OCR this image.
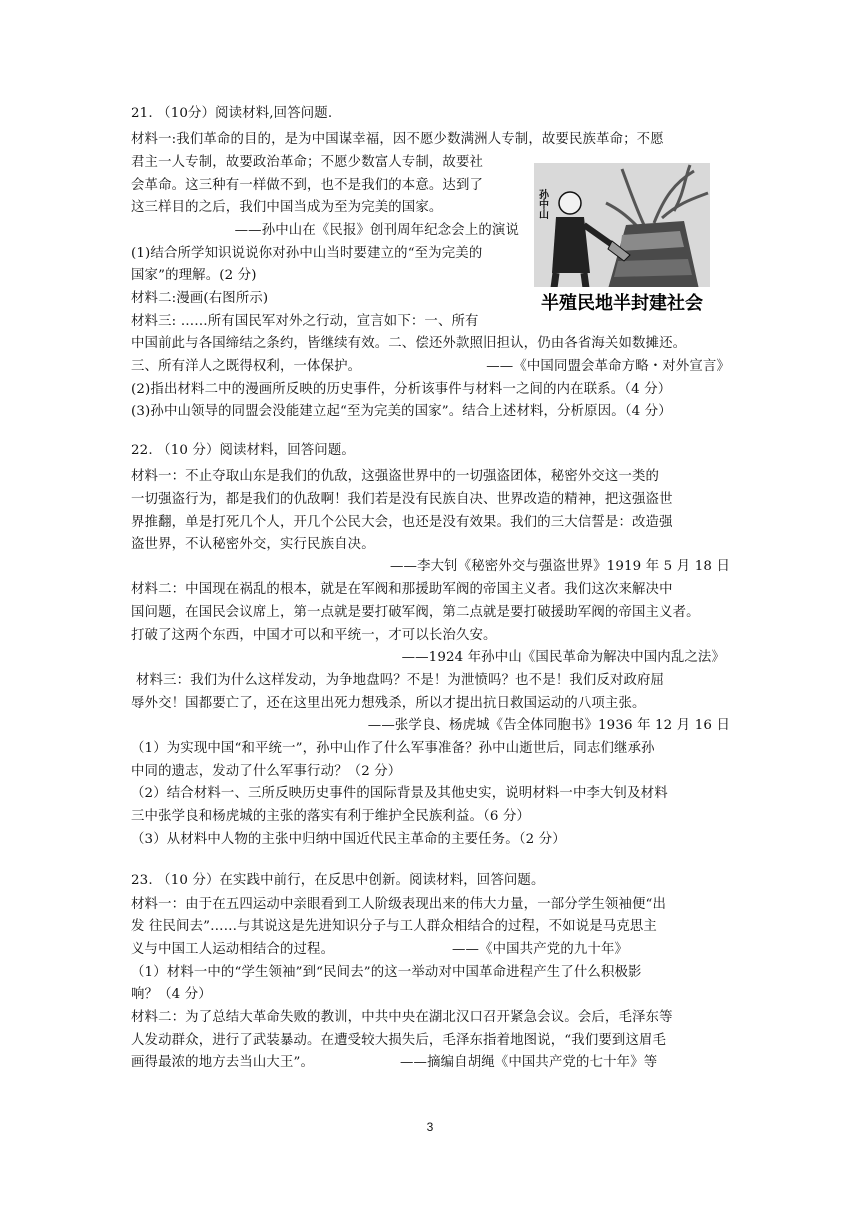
21. （10分）阅读材料,回答问题.
材料一:我们革命的目的，是为中国谋幸福，因不愿少数满洲人专制，故要民族革命；不愿
君主一人专制，故要政治革命；不愿少数富人专制，故要社
会革命。这三种有一样做不到，也不是我们的本意。达到了
这三样目的之后，我们中国当成为至为完美的国家。
——孙中山在《民报》创刊周年纪念会上的演说
(1)结合所学知识说说你对孙中山当时要建立的“至为完美的
国家”的理解。(2 分)
材料二:漫画(右图所示)
材料三: ……所有国民军对外之行动，宣言如下：一、所有
中国前此与各国缔结之条约，皆继续有效。二、偿还外款照旧担认，仍由各省海关如数摊还。
三、所有洋人之既得权利，一体保护。	——《中国同盟会革命方略・对外宣言》
(2)指出材料二中的漫画所反映的历史事件，分析该事件与材料一之间的内在联系。（4 分）
(3)孙中山领导的同盟会没能建立起“至为完美的国家”。结合上述材料，分析原因。（4 分）
孙中山
半殖民地半封建社会
22. （10 分）阅读材料，回答问题。
材料一：不止夺取山东是我们的仇敌，这强盗世界中的一切强盗团体，秘密外交这一类的
一切强盗行为，都是我们的仇敌啊！我们若是没有民族自决、世界改造的精神，把这强盗世
界推翻，单是打死几个人，开几个公民大会，也还是没有效果。我们的三大信誓是：改造强
盗世界，不认秘密外交，实行民族自决。
——李大钊《秘密外交与强盗世界》1919 年 5 月 18 日
材料二：中国现在祸乱的根本，就是在军阀和那援助军阀的帝国主义者。我们这次来解决中
国问题，在国民会议席上，第一点就是要打破军阀，第二点就是要打破援助军阀的帝国主义者。
打破了这两个东西，中国才可以和平统一，才可以长治久安。
——1924 年孙中山《国民革命为解决中国内乱之法》
材料三：我们为什么这样发动，为争地盘吗？不是！为泄愤吗？也不是！我们反对政府屈
辱外交！国都要亡了，还在这里出死力想残杀，所以才提出抗日救国运动的八项主张。
——张学良、杨虎城《告全体同胞书》1936 年 12 月 16 日
（1）为实现中国“和平统一”，孙中山作了什么军事准备？孙中山逝世后，同志们继承孙
中同的遗志，发动了什么军事行动？（2 分）
（2）结合材料一、三所反映历史事件的国际背景及其他史实，说明材料一中李大钊及材料
三中张学良和杨虎城的主张的落实有利于维护全民族利益。（6 分）
（3）从材料中人物的主张中归纳中国近代民主革命的主要任务。（2 分）
23. （10 分）在实践中前行，在反思中创新。阅读材料，回答问题。
材料一：由于在五四运动中亲眼看到工人阶级表现出来的伟大力量，一部分学生领袖便“出
发 往民间去”……与其说这是先进知识分子与工人群众相结合的过程，不如说是马克思主
义与中国工人运动相结合的过程。	——《中国共产党的九十年》
（1）材料一中的“学生领袖”到“民间去”的这一举动对中国革命进程产生了什么积极影
响？（4 分）
材料二：为了总结大革命失败的教训，中共中央在湖北汉口召开紧急会议。会后，毛泽东等
人发动群众，进行了武装暴动。在遭受较大损失后，毛泽东指着地图说，“我们要到这眉毛
画得最浓的地方去当山大王”。	——摘编自胡绳《中国共产党的七十年》等
3
